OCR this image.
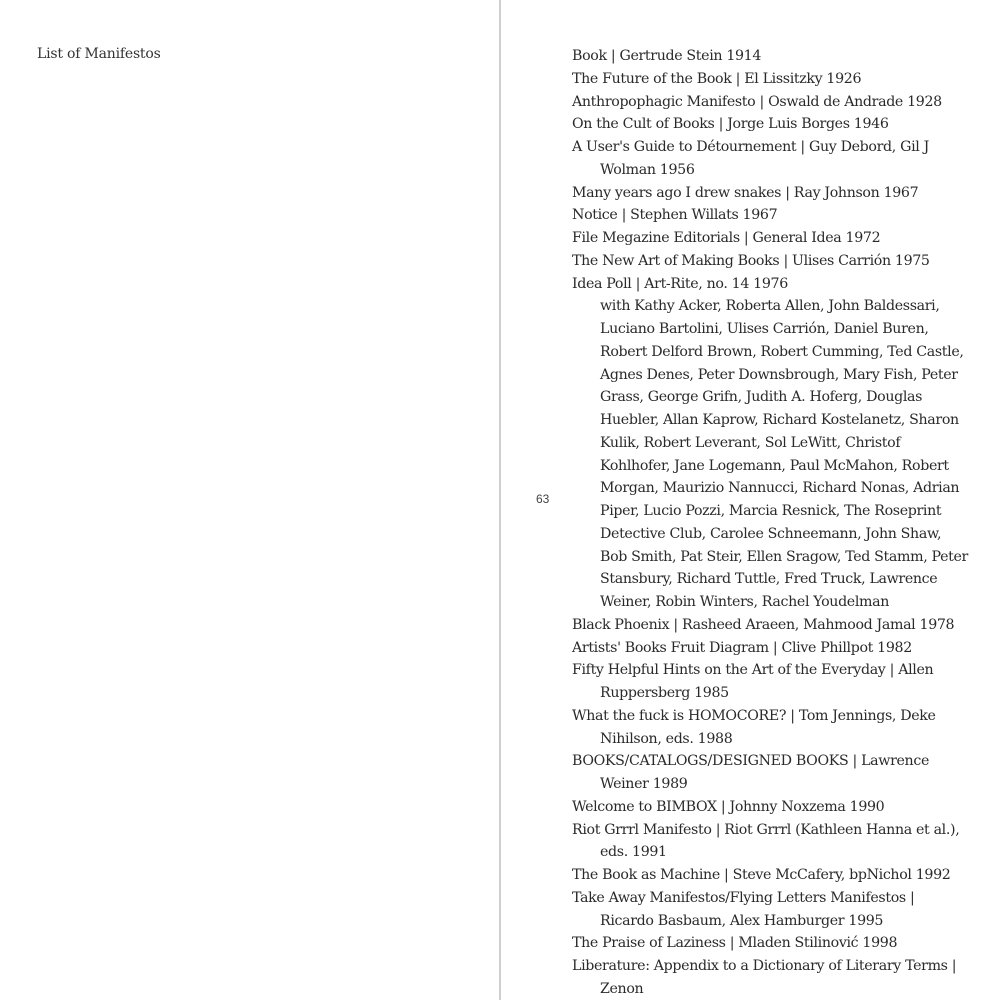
List of Manifestos
63
Book | Gertrude Stein 1914
The Future of the Book | El Lissitzky 1926
Anthropophagic Manifesto | Oswald de Andrade 1928
On the Cult of Books | Jorge Luis Borges 1946
A User's Guide to Détournement | Guy Debord, Gil J Wolman 1956
Many years ago I drew snakes | Ray Johnson 1967
Notice | Stephen Willats 1967
File Megazine Editorials | General Idea 1972
The New Art of Making Books | Ulises Carrión 1975
Idea Poll | Art-Rite, no. 14 1976
with Kathy Acker, Roberta Allen, John Baldessari, Luciano Bartolini, Ulises Carrión, Daniel Buren, Robert Delford Brown, Robert Cumming, Ted Castle, Agnes Denes, Peter Downsbrough, Mary Fish, Peter Grass, George Grifn, Judith A. Hoferg, Douglas Huebler, Allan Kaprow, Richard Kostelanetz, Sharon Kulik, Robert Leverant, Sol LeWitt, Christof Kohlhofer, Jane Logemann, Paul McMahon, Robert Morgan, Maurizio Nannucci, Richard Nonas, Adrian Piper, Lucio Pozzi, Marcia Resnick, The Roseprint Detective Club, Carolee Schneemann, John Shaw, Bob Smith, Pat Steir, Ellen Sragow, Ted Stamm, Peter Stansbury, Richard Tuttle, Fred Truck, Lawrence Weiner, Robin Winters, Rachel Youdelman
Black Phoenix | Rasheed Araeen, Mahmood Jamal 1978
Artists' Books Fruit Diagram | Clive Phillpot 1982
Fifty Helpful Hints on the Art of the Everyday | Allen Ruppersberg 1985
What the fuck is HOMOCORE? | Tom Jennings, Deke Nihilson, eds. 1988
BOOKS/CATALOGS/DESIGNED BOOKS | Lawrence Weiner 1989
Welcome to BIMBOX | Johnny Noxzema 1990
Riot Grrrl Manifesto | Riot Grrrl (Kathleen Hanna et al.), eds. 1991
The Book as Machine | Steve McCafery, bpNichol 1992
Take Away Manifestos/Flying Letters Manifestos | Ricardo Basbaum, Alex Hamburger 1995
The Praise of Laziness | Mladen Stilinović 1998
Liberature: Appendix to a Dictionary of Literary Terms | Zenon
